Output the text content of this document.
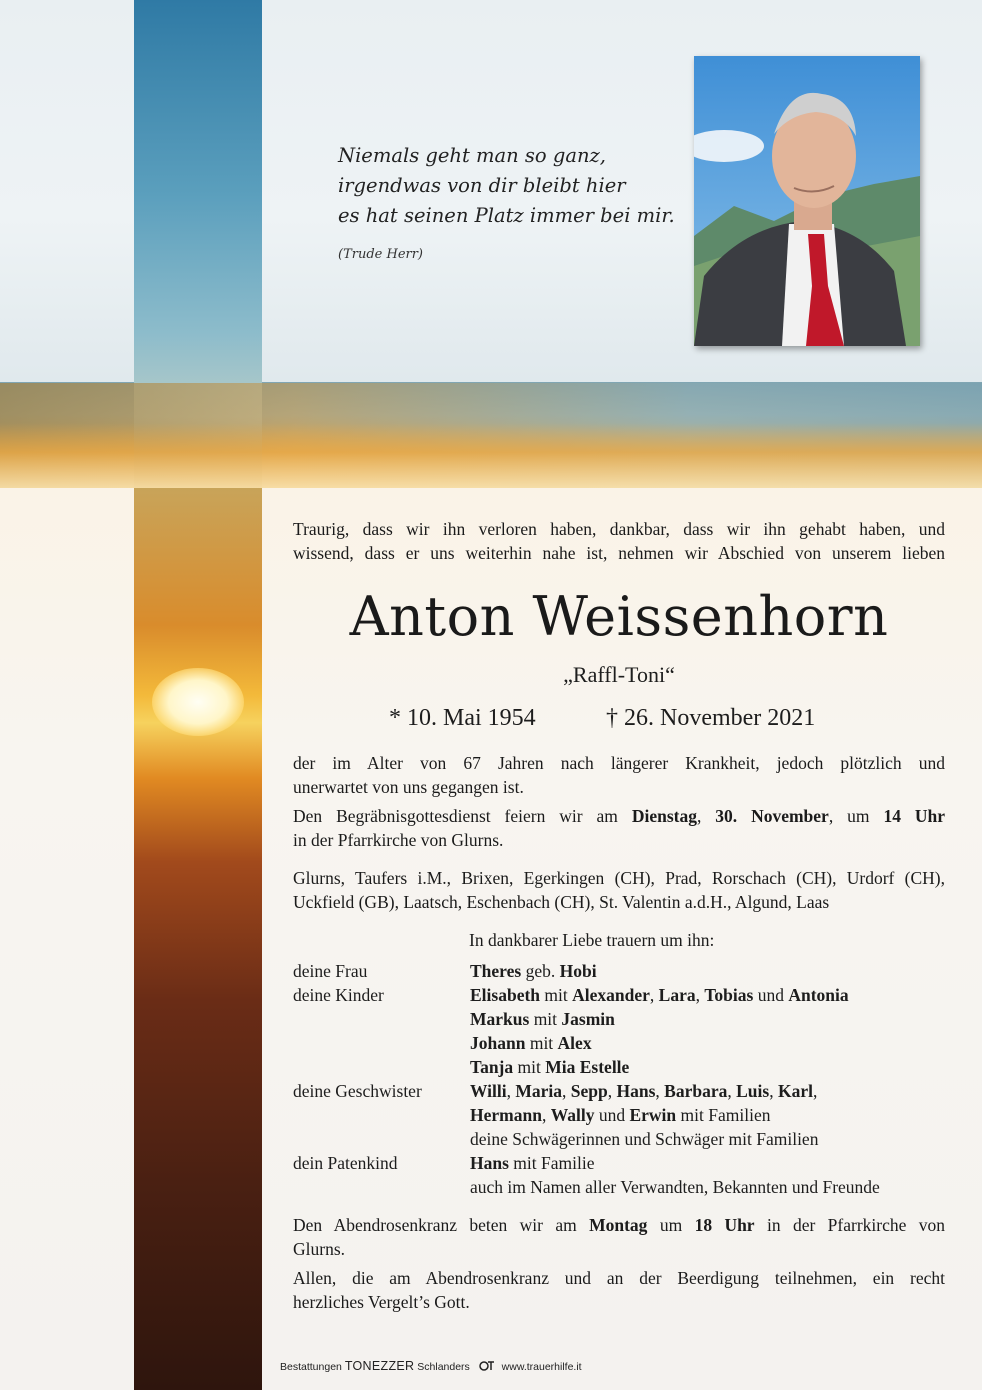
Niemals geht man so ganz,
irgendwas von dir bleibt hier
es hat seinen Platz immer bei mir.
(Trude Herr)
Traurig, dass wir ihn verloren haben, dankbar, dass wir ihn gehabt haben, und
wissend, dass er uns weiterhin nahe ist, nehmen wir Abschied von unserem lieben
Anton Weissenhorn
„Raffl-Toni“
* 10. Mai 1954	† 26. November 2021
der im Alter von 67 Jahren nach längerer Krankheit, jedoch plötzlich und
unerwartet von uns gegangen ist.
Den Begräbnisgottesdienst feiern wir am Dienstag, 30. November, um 14 Uhr
in der Pfarrkirche von Glurns.
Glurns, Taufers i.M., Brixen, Egerkingen (CH), Prad, Rorschach (CH), Urdorf (CH),
Uckfield (GB), Laatsch, Eschenbach (CH), St. Valentin a.d.H., Algund, Laas
In dankbarer Liebe trauern um ihn:
deine Frau	Theres geb. Hobi
deine Kinder	Elisabeth mit Alexander, Lara, Tobias und Antonia
Markus mit Jasmin
Johann mit Alex
Tanja mit Mia Estelle
deine Geschwister	Willi, Maria, Sepp, Hans, Barbara, Luis, Karl,
Hermann, Wally und Erwin mit Familien
deine Schwägerinnen und Schwäger mit Familien
dein Patenkind	Hans mit Familie
auch im Namen aller Verwandten, Bekannten und Freunde
Den Abendrosenkranz beten wir am Montag um 18 Uhr in der Pfarrkirche von
Glurns.
Allen, die am Abendrosenkranz und an der Beerdigung teilnehmen, ein recht
herzliches Vergelt’s Gott.
Bestattungen TONEZZER Schlanders	www.trauerhilfe.it
